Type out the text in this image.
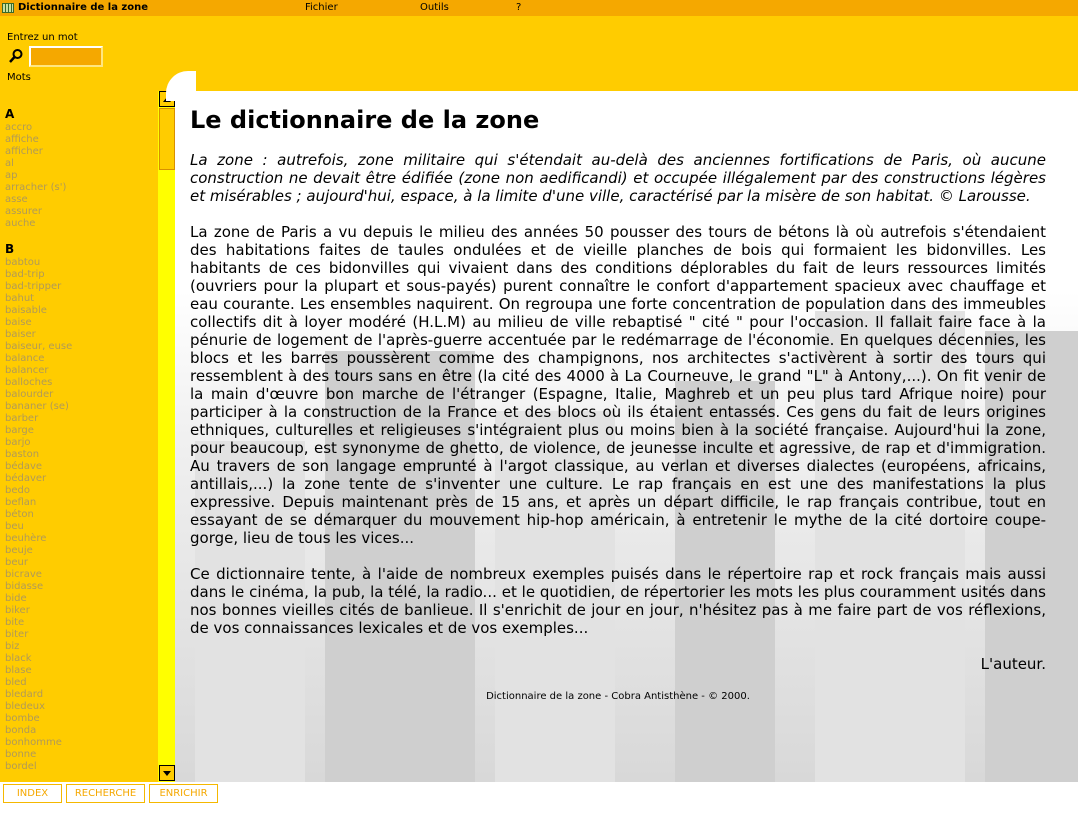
Dictionnaire de la zone	Fichier	Outils	?
Entrez un mot
Mots
A
accro
affiche
afficher
al
ap
arracher (s')
asse
assurer
auche
B
babtou
bad-trip
bad-tripper
bahut
baisable
baise
baiser
baiseur, euse
balance
balancer
balloches
balourder
bananer (se)
barber
barge
barjo
baston
bédave
bédaver
bedo
beflan
béton
beu
beuhère
beuje
beur
bicrave
bidasse
bide
biker
bite
biter
biz
black
blase
bled
bledard
bledeux
bombe
bonda
bonhomme
bonne
bordel
Le dictionnaire de la zone

La zone : autrefois, zone militaire qui s'étendait au-delà des anciennes fortifications de Paris, où aucune construction ne devait être édifiée (zone non aedificandi) et occupée illégalement par des constructions légères et misérables ; aujourd'hui, espace, à la limite d'une ville, caractérisé par la misère de son habitat. © Larousse.

La zone de Paris a vu depuis le milieu des années 50 pousser des tours de bétons là où autrefois s'étendaient des habitations faites de taules ondulées et de vieille planches de bois qui formaient les bidonvilles. Les habitants de ces bidonvilles qui vivaient dans des conditions déplorables du fait de leurs ressources limités (ouvriers pour la plupart et sous-payés) purent connaître le confort d'appartement spacieux avec chauffage et eau courante. Les ensembles naquirent. On regroupa une forte concentration de population dans des immeubles collectifs dit à loyer modéré (H.L.M) au milieu de ville rebaptisé " cité " pour l'occasion. Il fallait faire face à la pénurie de logement de l'après-guerre accentuée par le redémarrage de l'économie. En quelques décennies, les blocs et les barres poussèrent comme des champignons, nos architectes s'activèrent à sortir des tours qui ressemblent à des tours sans en être (la cité des 4000 à La Courneuve, le grand "L" à Antony,...). On fit venir de la main d'œuvre bon marche de l'étranger (Espagne, Italie, Maghreb et un peu plus tard Afrique noire) pour participer à la construction de la France et des blocs où ils étaient entassés. Ces gens du fait de leurs origines ethniques, culturelles et religieuses s'intégraient plus ou moins bien à la société française. Aujourd'hui la zone, pour beaucoup, est synonyme de ghetto, de violence, de jeunesse inculte et agressive, de rap et d'immigration. Au travers de son langage emprunté à l'argot classique, au verlan et diverses dialectes (européens, africains, antillais,...) la zone tente de s'inventer une culture. Le rap français en est une des manifestations la plus expressive. Depuis maintenant près de 15 ans, et après un départ difficile, le rap français contribue, tout en essayant de se démarquer du mouvement hip-hop américain, à entretenir le mythe de la cité dortoire coupe-gorge, lieu de tous les vices...

Ce dictionnaire tente, à l'aide de nombreux exemples puisés dans le répertoire rap et rock français mais aussi dans le cinéma, la pub, la télé, la radio... et le quotidien, de répertorier les mots les plus couramment usités dans nos bonnes vieilles cités de banlieue. Il s'enrichit de jour en jour, n'hésitez pas à me faire part de vos réflexions, de vos connaissances lexicales et de vos exemples...

L'auteur.
Dictionnaire de la zone - Cobra Antisthène - © 2000.
INDEX	RECHERCHE	ENRICHIR
